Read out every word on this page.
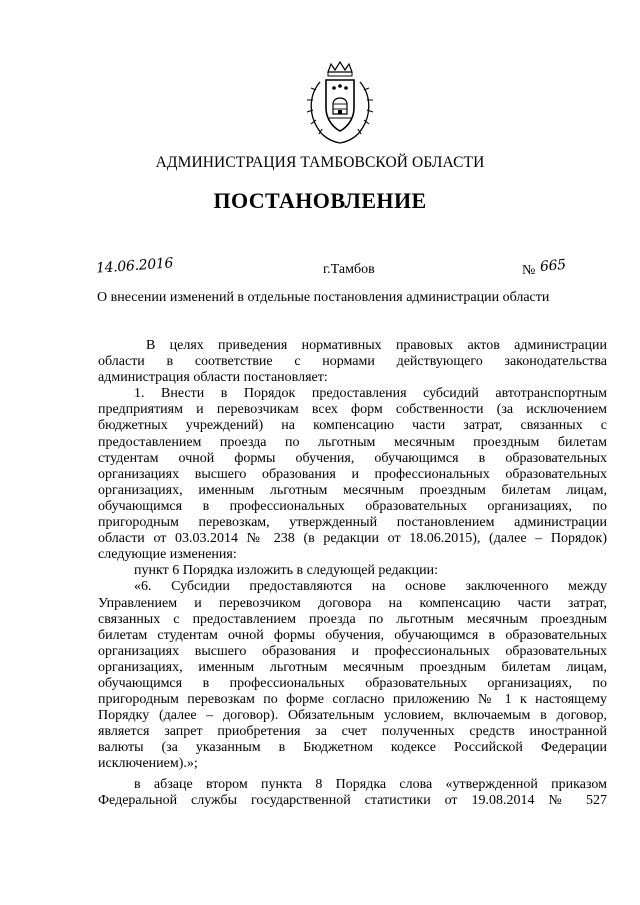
АДМИНИСТРАЦИЯ ТАМБОВСКОЙ ОБЛАСТИ
ПОСТАНОВЛЕНИЕ
14.06.2016	г.Тамбов	№ 665
О внесении изменений в отдельные постановления администрации области
В целях приведения нормативных правовых актов администрации
области в соответствие с нормами действующего законодательства
администрация области постановляет:
1. Внести в Порядок предоставления субсидий автотранспортным
предприятиям и перевозчикам всех форм собственности (за исключением
бюджетных учреждений) на компенсацию части затрат, связанных с
предоставлением проезда по льготным месячным проездным билетам
студентам очной формы обучения, обучающимся в образовательных
организациях высшего образования и профессиональных образовательных
организациях, именным льготным месячным проездным билетам лицам,
обучающимся в профессиональных образовательных организациях, по
пригородным перевозкам, утвержденный постановлением администрации
области от 03.03.2014 № 238 (в редакции от 18.06.2015), (далее – Порядок)
следующие изменения:
пункт 6 Порядка изложить в следующей редакции:
«6. Субсидии предоставляются на основе заключенного между
Управлением и перевозчиком договора на компенсацию части затрат,
связанных с предоставлением проезда по льготным месячным проездным
билетам студентам очной формы обучения, обучающимся в образовательных
организациях высшего образования и профессиональных образовательных
организациях, именным льготным месячным проездным билетам лицам,
обучающимся в профессиональных образовательных организациях, по
пригородным перевозкам по форме согласно приложению № 1 к настоящему
Порядку (далее – договор). Обязательным условием, включаемым в договор,
является запрет приобретения за счет полученных средств иностранной
валюты (за указанным в Бюджетном кодексе Российской Федерации
исключением).»;
в абзаце втором пункта 8 Порядка слова «утвержденной приказом
Федеральной службы государственной статистики от 19.08.2014 № 527
